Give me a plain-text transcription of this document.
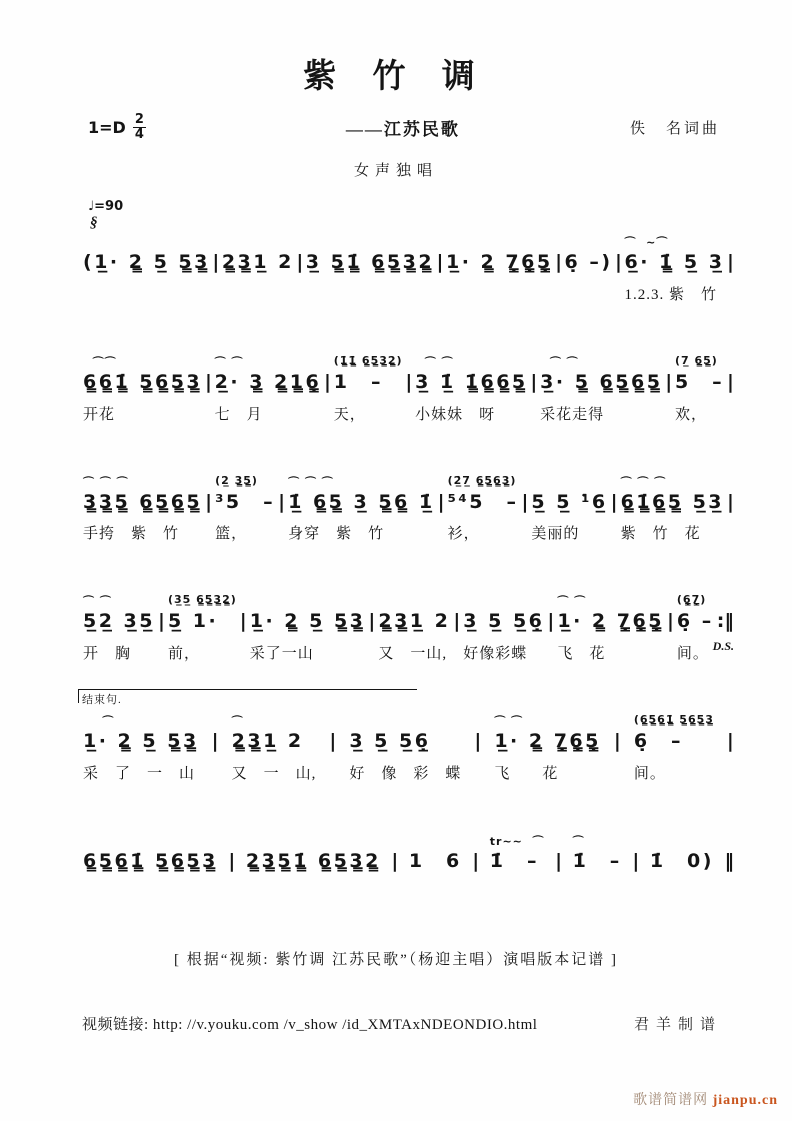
紫 竹 调
$1=D \frac{2}{4}$	——江苏民歌	佚　名词曲
女声独唱
♩=90
§

(1̲· 2̳ 5̲ 5̳3̳
|
2̳3̳1̲ 2
|
3̲ 5̳1̳̇ 6̳5̳3̳2̳
|
1̲· 2̳ 7̳̣6̳̣5̳̣
|
6̣ –)
|
⌒  ∼⌒
6̲· 1̳̇ 5̲ 3̲
1.2.3. 紫　竹
|
⌒⌒
6̳6̳1̳̇ 5̳6̳5̳3̳
开花
|
⌒ ⌒
2̲· 3̳ 2̳1̳6̳̣
七　月
|
(1̳̇1̳̇ 6̳5̳3̳2̳)
1　–
天，
|
⌒ ⌒
3̲ 1̲̇ 1̳̇6̳6̳5̳
小妹妹　呀
|
⌒ ⌒
3̲· 5̳ 6̳5̳6̳5̳
采花走得
|
(7̲ 6̳5̳)
5　–
欢，
|
⌒ ⌒ ⌒
3̳3̳5̳ 6̳5̳6̳5̳
手挎　紫　竹
|
(2̲ 3̳5̳)
³5　–
篮，
|
⌒ ⌒ ⌒
1̲̇ 6̳5̳ 3̲ 5̳6̳ 1̲̇
身穿　紫　竹
|
(2̲̇7̲ 6̳5̳6̳3̳)
⁵⁴5　–
衫，
|
5̲ 5̲ ¹̇6̲
美丽的
|
⌒ ⌒ ⌒
6̳1̳̇6̳5̳ 5̲3̲
紫　竹　花
|
⌒ ⌒
5̲2̲ 3̲5̲
开　胸
|
(3̲5̲ 6̳5̳3̳2̳)
5̲ 1·
前，
|
1̲· 2̳ 5̲ 5̳3̳
采了一山
|
2̳3̳1̲ 2
又　一山,
|
3̲ 5̲ 5̲6̲̣
好像彩蝶
|
⌒ ⌒
1̲· 2̳ 7̳̣6̳̣5̳̣
飞　花
|
(6̳̣7̳̣)
6̣ –
间。
:‖
D.S.
结束句.
⌒
1̲· 2̳ 5̲ 5̳3̳
采　了　一　山
|
⌒
2̳3̳1̲ 2
又　一　山,
|
3̲ 5̲ 5̲6̲̣
好　像　彩　蝶
|
⌒ ⌒
1̲· 2̳ 7̳̣6̳̣5̳̣
飞　　花
|
(6̳5̳6̳1̳̇ 5̳6̳5̳3̳
6̣　–
间。
|

6̳5̳6̳1̳̇ 5̳6̳5̳3̳
|
2̳3̳5̳1̳̇ 6̳5̳3̳2̳
|
1　6
|
tr∼∼  ⌒
1̇　–
|
⌒
1̇　–
|
1̇　0)
‖
[ 根据“视频: 紫竹调 江苏民歌”（杨迎主唱）演唱版本记谱 ]
视频链接: http: //v.youku.com /v_show /id_XMTAxNDEONDIO.html	君羊制谱
歌谱简谱网 jianpu.cn
